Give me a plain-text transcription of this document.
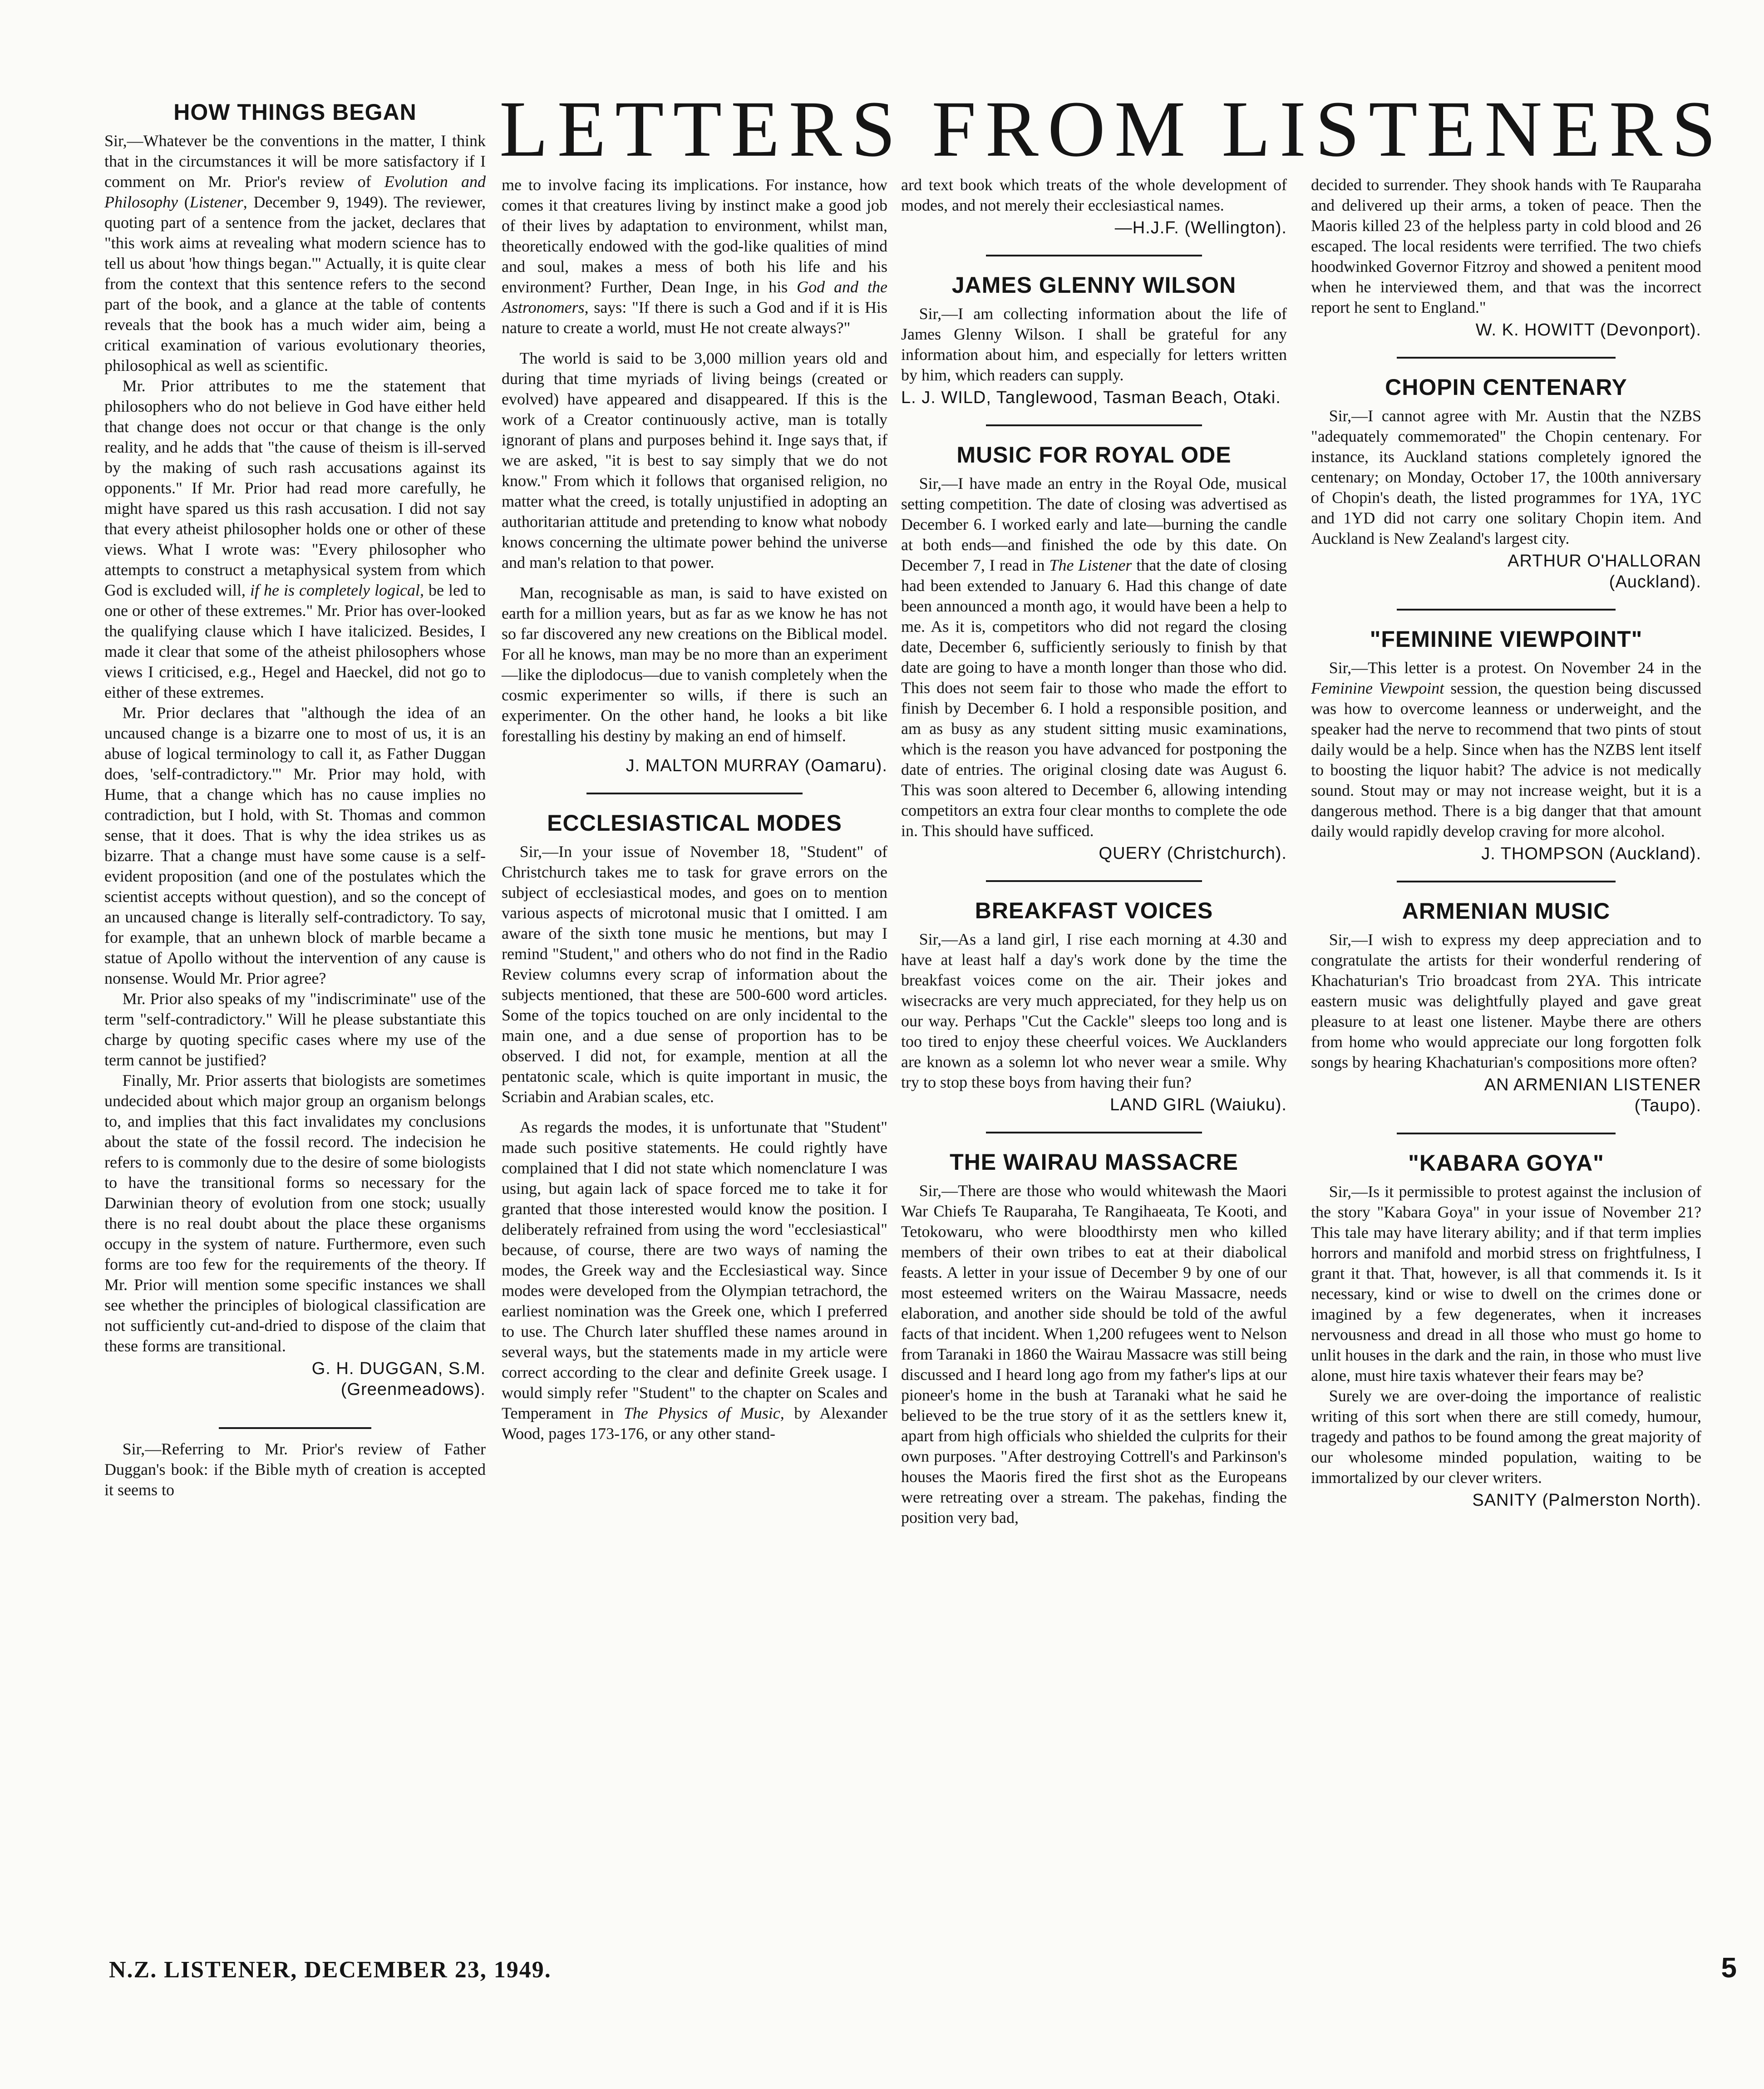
LETTERS FROM LISTENERS
HOW THINGS BEGAN

Sir,—Whatever be the conventions in the matter, I think that in the circumstances it will be more satisfactory if I comment on Mr. Prior's review of Evolution and Philosophy (Listener, December 9, 1949). The reviewer, quoting part of a sentence from the jacket, declares that "this work aims at revealing what modern science has to tell us about 'how things began.'" Actually, it is quite clear from the context that this sentence refers to the second part of the book, and a glance at the table of contents reveals that the book has a much wider aim, being a critical examination of various evolutionary theories, philosophical as well as scientific.

Mr. Prior attributes to me the statement that philosophers who do not believe in God have either held that change does not occur or that change is the only reality, and he adds that "the cause of theism is ill-served by the making of such rash accusations against its opponents." If Mr. Prior had read more carefully, he might have spared us this rash accusation. I did not say that every atheist philosopher holds one or other of these views. What I wrote was: "Every philosopher who attempts to construct a metaphysical system from which God is excluded will, if he is completely logical, be led to one or other of these extremes." Mr. Prior has over-looked the qualifying clause which I have italicized. Besides, I made it clear that some of the atheist philosophers whose views I criticised, e.g., Hegel and Haeckel, did not go to either of these extremes.

Mr. Prior declares that "although the idea of an uncaused change is a bizarre one to most of us, it is an abuse of logical terminology to call it, as Father Duggan does, 'self-contradictory.'" Mr. Prior may hold, with Hume, that a change which has no cause implies no contradiction, but I hold, with St. Thomas and common sense, that it does. That is why the idea strikes us as bizarre. That a change must have some cause is a self-evident proposition (and one of the postulates which the scientist accepts without question), and so the concept of an uncaused change is literally self-contradictory. To say, for example, that an unhewn block of marble became a statue of Apollo without the intervention of any cause is nonsense. Would Mr. Prior agree?

Mr. Prior also speaks of my "indiscriminate" use of the term "self-contradictory." Will he please substantiate this charge by quoting specific cases where my use of the term cannot be justified?

Finally, Mr. Prior asserts that biologists are sometimes undecided about which major group an organism belongs to, and implies that this fact invalidates my conclusions about the state of the fossil record. The indecision he refers to is commonly due to the desire of some biologists to have the transitional forms so necessary for the Darwinian theory of evolution from one stock; usually there is no real doubt about the place these organisms occupy in the system of nature. Furthermore, even such forms are too few for the requirements of the theory. If Mr. Prior will mention some specific instances we shall see whether the principles of biological classification are not sufficiently cut-and-dried to dispose of the claim that these forms are transitional.

G. H. DUGGAN, S.M.
(Greenmeadows).

Sir,—Referring to Mr. Prior's review of Father Duggan's book: if the Bible myth of creation is accepted it seems to

me to involve facing its implications. For instance, how comes it that creatures living by instinct make a good job of their lives by adaptation to environment, whilst man, theoretically endowed with the god-like qualities of mind and soul, makes a mess of both his life and his environment? Further, Dean Inge, in his God and the Astronomers, says: "If there is such a God and if it is His nature to create a world, must He not create always?"

The world is said to be 3,000 million years old and during that time myriads of living beings (created or evolved) have appeared and disappeared. If this is the work of a Creator continuously active, man is totally ignorant of plans and purposes behind it. Inge says that, if we are asked, "it is best to say simply that we do not know." From which it follows that organised religion, no matter what the creed, is totally unjustified in adopting an authoritarian attitude and pretending to know what nobody knows concerning the ultimate power behind the universe and man's relation to that power.

Man, recognisable as man, is said to have existed on earth for a million years, but as far as we know he has not so far discovered any new creations on the Biblical model. For all he knows, man may be no more than an experiment—like the diplodocus—due to vanish completely when the cosmic experimenter so wills, if there is such an experimenter. On the other hand, he looks a bit like forestalling his destiny by making an end of himself.

J. MALTON MURRAY (Oamaru).
ECCLESIASTICAL MODES

Sir,—In your issue of November 18, "Student" of Christchurch takes me to task for grave errors on the subject of ecclesiastical modes, and goes on to mention various aspects of microtonal music that I omitted. I am aware of the sixth tone music he mentions, but may I remind "Student," and others who do not find in the Radio Review columns every scrap of information about the subjects mentioned, that these are 500-600 word articles. Some of the topics touched on are only incidental to the main one, and a due sense of proportion has to be observed. I did not, for example, mention at all the pentatonic scale, which is quite important in music, the Scriabin and Arabian scales, etc.

As regards the modes, it is unfortunate that "Student" made such positive statements. He could rightly have complained that I did not state which nomenclature I was using, but again lack of space forced me to take it for granted that those interested would know the position. I deliberately refrained from using the word "ecclesiastical" because, of course, there are two ways of naming the modes, the Greek way and the Ecclesiastical way. Since modes were developed from the Olympian tetrachord, the earliest nomination was the Greek one, which I preferred to use. The Church later shuffled these names around in several ways, but the statements made in my article were correct according to the clear and definite Greek usage. I would simply refer "Student" to the chapter on Scales and Temperament in The Physics of Music, by Alexander Wood, pages 173-176, or any other stand-

ard text book which treats of the whole development of modes, and not merely their ecclesiastical names.

—H.J.F. (Wellington).
JAMES GLENNY WILSON

Sir,—I am collecting information about the life of James Glenny Wilson. I shall be grateful for any information about him, and especially for letters written by him, which readers can supply.

L. J. WILD, Tanglewood, Tasman Beach, Otaki.
MUSIC FOR ROYAL ODE

Sir,—I have made an entry in the Royal Ode, musical setting competition. The date of closing was advertised as December 6. I worked early and late—burning the candle at both ends—and finished the ode by this date. On December 7, I read in The Listener that the date of closing had been extended to January 6. Had this change of date been announced a month ago, it would have been a help to me. As it is, competitors who did not regard the closing date, December 6, sufficiently seriously to finish by that date are going to have a month longer than those who did. This does not seem fair to those who made the effort to finish by December 6. I hold a responsible position, and am as busy as any student sitting music examinations, which is the reason you have advanced for postponing the date of entries. The original closing date was August 6. This was soon altered to December 6, allowing intending competitors an extra four clear months to complete the ode in. This should have sufficed.

QUERY (Christchurch).
BREAKFAST VOICES

Sir,—As a land girl, I rise each morning at 4.30 and have at least half a day's work done by the time the breakfast voices come on the air. Their jokes and wisecracks are very much appreciated, for they help us on our way. Perhaps "Cut the Cackle" sleeps too long and is too tired to enjoy these cheerful voices. We Aucklanders are known as a solemn lot who never wear a smile. Why try to stop these boys from having their fun?

LAND GIRL (Waiuku).
THE WAIRAU MASSACRE

Sir,—There are those who would whitewash the Maori War Chiefs Te Rauparaha, Te Rangihaeata, Te Kooti, and Tetokowaru, who were bloodthirsty men who killed members of their own tribes to eat at their diabolical feasts. A letter in your issue of December 9 by one of our most esteemed writers on the Wairau Massacre, needs elaboration, and another side should be told of the awful facts of that incident. When 1,200 refugees went to Nelson from Taranaki in 1860 the Wairau Massacre was still being discussed and I heard long ago from my father's lips at our pioneer's home in the bush at Taranaki what he said he believed to be the true story of it as the settlers knew it, apart from high officials who shielded the culprits for their own purposes. "After destroying Cottrell's and Parkinson's houses the Maoris fired the first shot as the Europeans were retreating over a stream. The pakehas, finding the position very bad,

decided to surrender. They shook hands with Te Rauparaha and delivered up their arms, a token of peace. Then the Maoris killed 23 of the helpless party in cold blood and 26 escaped. The local residents were terrified. The two chiefs hoodwinked Governor Fitzroy and showed a penitent mood when he interviewed them, and that was the incorrect report he sent to England."

W. K. HOWITT (Devonport).
CHOPIN CENTENARY

Sir,—I cannot agree with Mr. Austin that the NZBS "adequately commemorated" the Chopin centenary. For instance, its Auckland stations completely ignored the centenary; on Monday, October 17, the 100th anniversary of Chopin's death, the listed programmes for 1YA, 1YC and 1YD did not carry one solitary Chopin item. And Auckland is New Zealand's largest city.

ARTHUR O'HALLORAN
(Auckland).
"FEMININE VIEWPOINT"

Sir,—This letter is a protest. On November 24 in the Feminine Viewpoint session, the question being discussed was how to overcome leanness or underweight, and the speaker had the nerve to recommend that two pints of stout daily would be a help. Since when has the NZBS lent itself to boosting the liquor habit? The advice is not medically sound. Stout may or may not increase weight, but it is a dangerous method. There is a big danger that that amount daily would rapidly develop craving for more alcohol.

J. THOMPSON (Auckland).
ARMENIAN MUSIC

Sir,—I wish to express my deep appreciation and to congratulate the artists for their wonderful rendering of Khachaturian's Trio broadcast from 2YA. This intricate eastern music was delightfully played and gave great pleasure to at least one listener. Maybe there are others from home who would appreciate our long forgotten folk songs by hearing Khachaturian's compositions more often?

AN ARMENIAN LISTENER
(Taupo).
"KABARA GOYA"

Sir,—Is it permissible to protest against the inclusion of the story "Kabara Goya" in your issue of November 21? This tale may have literary ability; and if that term implies horrors and manifold and morbid stress on frightfulness, I grant it that. That, however, is all that commends it. Is it necessary, kind or wise to dwell on the crimes done or imagined by a few degenerates, when it increases nervousness and dread in all those who must go home to unlit houses in the dark and the rain, in those who must live alone, must hire taxis whatever their fears may be?

Surely we are over-doing the importance of realistic writing of this sort when there are still comedy, humour, tragedy and pathos to be found among the great majority of our wholesome minded population, waiting to be immortalized by our clever writers.

SANITY (Palmerston North).
N.Z. LISTENER, DECEMBER 23, 1949.	5
